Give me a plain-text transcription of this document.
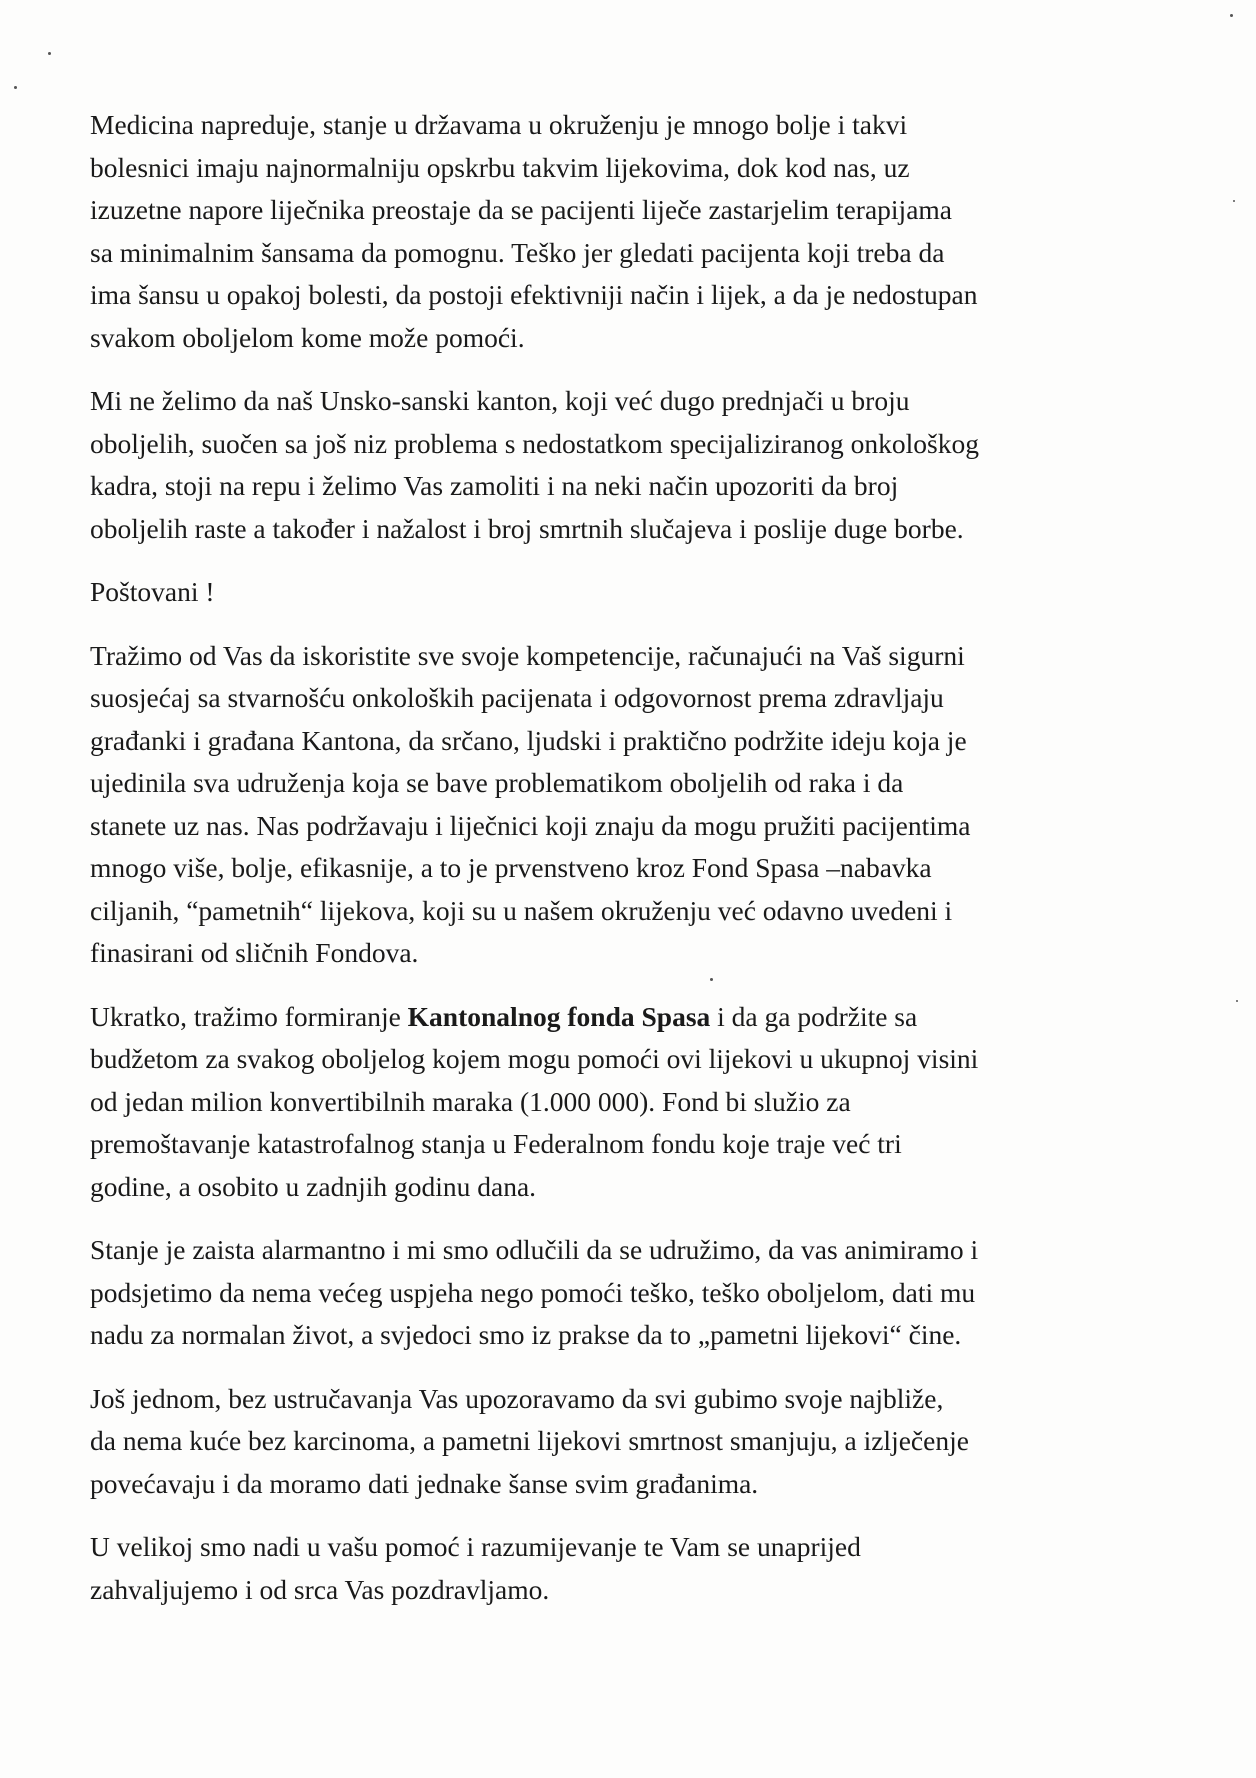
Medicina napreduje, stanje u državama u okruženju je mnogo bolje i takvi
bolesnici imaju najnormalniju opskrbu takvim lijekovima, dok kod nas, uz
izuzetne napore liječnika preostaje da se pacijenti liječe zastarjelim terapijama
sa minimalnim šansama da pomognu. Teško jer gledati pacijenta koji treba da
ima šansu u opakoj bolesti, da postoji efektivniji način i lijek, a da je nedostupan
svakom oboljelom kome može pomoći.

Mi ne želimo da naš Unsko-sanski kanton, koji već dugo prednjači u broju
oboljelih, suočen sa još niz problema s nedostatkom specijaliziranog onkološkog
kadra, stoji na repu i želimo Vas zamoliti i na neki način upozoriti da broj
oboljelih raste a također i nažalost i broj smrtnih slučajeva i poslije duge borbe.

Poštovani !

Tražimo od Vas da iskoristite sve svoje kompetencije, računajući na Vaš sigurni
suosjećaj sa stvarnošću onkoloških pacijenata i odgovornost prema zdravljaju
građanki i građana Kantona, da srčano, ljudski i praktično podržite ideju koja je
ujedinila sva udruženja koja se bave problematikom oboljelih od raka i da
stanete uz nas. Nas podržavaju i liječnici koji znaju da mogu pružiti pacijentima
mnogo više, bolje, efikasnije, a to je prvenstveno kroz Fond Spasa –nabavka
ciljanih, “pametnih“ lijekova, koji su u našem okruženju već odavno uvedeni i
finasirani od sličnih Fondova.

Ukratko, tražimo formiranje Kantonalnog fonda Spasa i da ga podržite sa
budžetom za svakog oboljelog kojem mogu pomoći ovi lijekovi u ukupnoj visini
od jedan milion konvertibilnih maraka (1.000 000). Fond bi služio za
premoštavanje katastrofalnog stanja u Federalnom fondu koje traje već tri
godine, a osobito u zadnjih godinu dana.

Stanje je zaista alarmantno i mi smo odlučili da se udružimo, da vas animiramo i
podsjetimo da nema većeg uspjeha nego pomoći teško, teško oboljelom, dati mu
nadu za normalan život, a svjedoci smo iz prakse da to „pametni lijekovi“ čine.

Još jednom, bez ustručavanja Vas upozoravamo da svi gubimo svoje najbliže,
da nema kuće bez karcinoma, a pametni lijekovi smrtnost smanjuju, a izlječenje
povećavaju i da moramo dati jednake šanse svim građanima.

U velikoj smo nadi u vašu pomoć i razumijevanje te Vam se unaprijed
zahvaljujemo i od srca Vas pozdravljamo.
